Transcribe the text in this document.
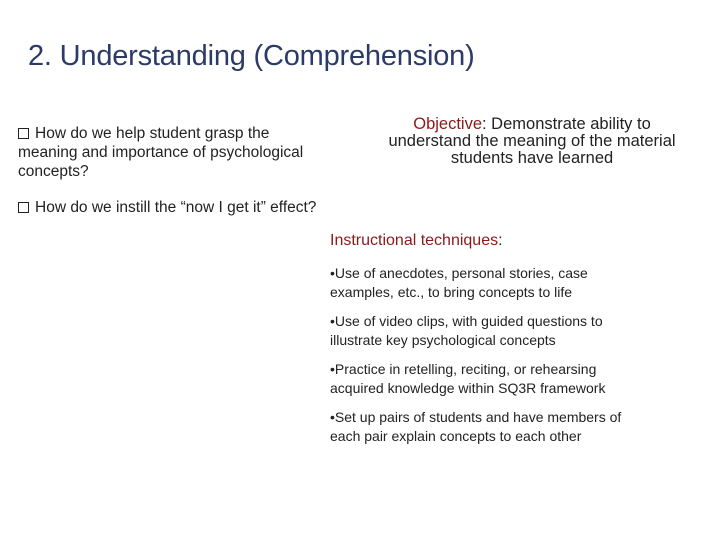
2. Understanding (Comprehension)
How do we help student grasp the meaning and importance of psychological concepts?
How do we instill the “now I get it” effect?
Objective: Demonstrate ability to understand the meaning of the material students have learned
Instructional techniques:
•Use of anecdotes, personal stories, case examples, etc., to bring concepts to life
•Use of video clips, with guided questions to illustrate key psychological concepts
•Practice in retelling, reciting, or rehearsing acquired knowledge within SQ3R framework
•Set up pairs of students and have members of each pair explain concepts to each other
